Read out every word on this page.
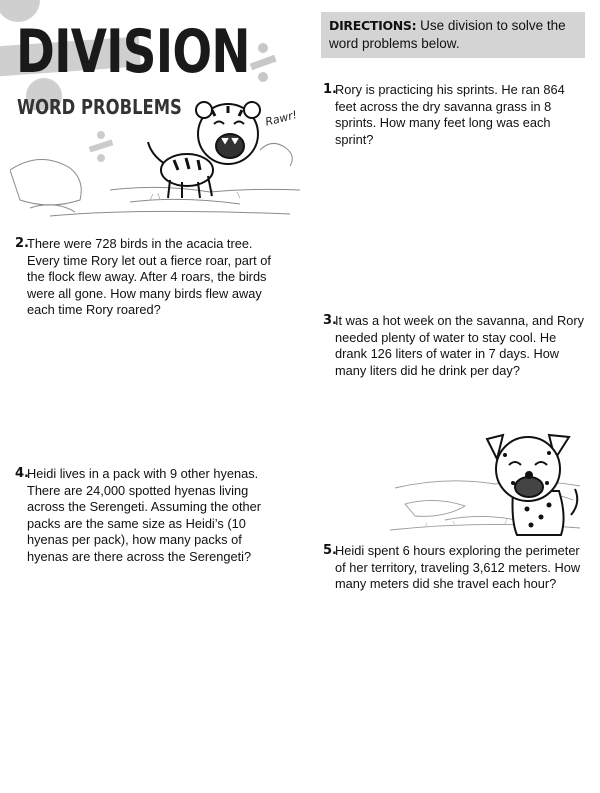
DIVISION
WORD PROBLEMS	Rawr!
DIRECTIONS: Use division to solve the word problems below.
1.
Rory is practicing his sprints. He ran 864 feet across the dry savanna grass in 8 sprints. How many feet long was each sprint?
2.
There were 728 birds in the acacia tree. Every time Rory let out a fierce roar, part of the flock flew away. After 4 roars, the birds were all gone. How many birds flew away each time Rory roared?
3.
It was a hot week on the savanna, and Rory needed plenty of water to stay cool. He drank 126 liters of water in 7 days. How many liters did he drink per day?
4.
Heidi lives in a pack with 9 other hyenas. There are 24,000 spotted hyenas living across the Serengeti. Assuming the other packs are the same size as Heidi’s (10 hyenas per pack), how many packs of hyenas are there across the Serengeti?	5.
Heidi spent 6 hours exploring the perimeter of her territory, traveling 3,612 meters. How many meters did she travel each hour?
